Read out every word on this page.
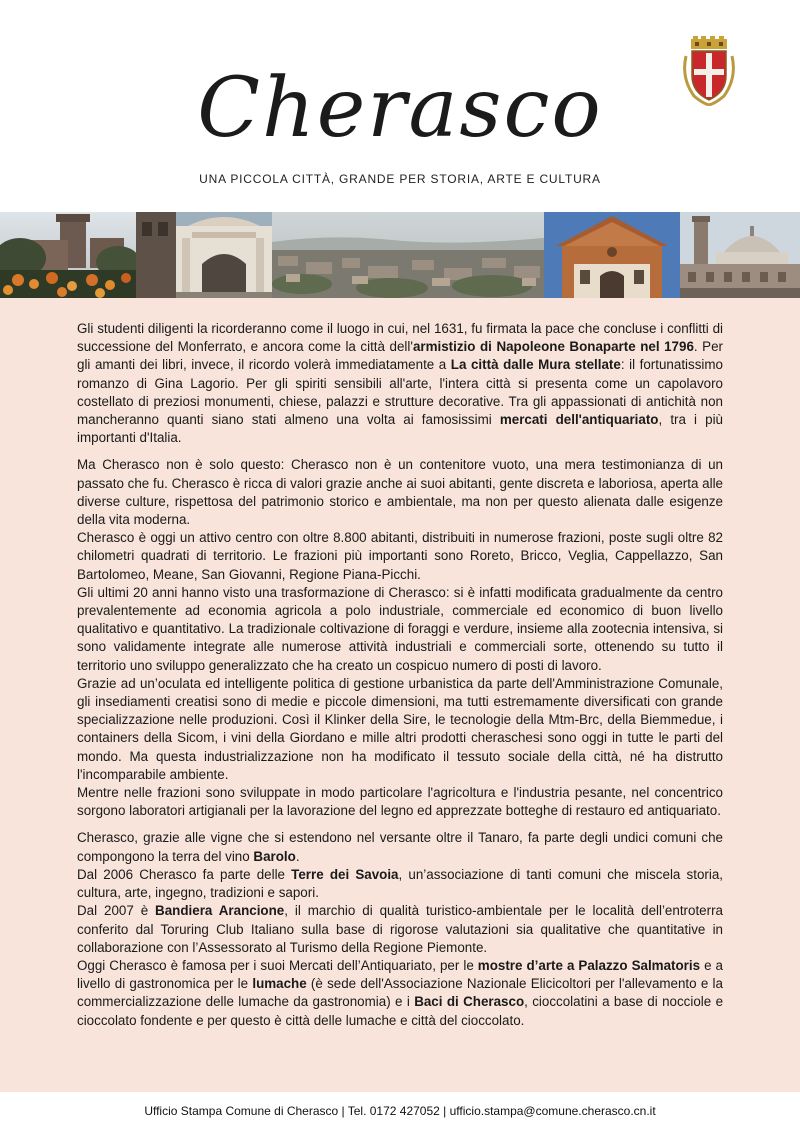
Cherasco
UNA PICCOLA CITTÀ, GRANDE PER STORIA, ARTE E CULTURA

Gli studenti diligenti la ricorderanno come il luogo in cui, nel 1631, fu firmata la pace che concluse i conflitti di successione del Monferrato, e ancora come la città dell'armistizio di Napoleone Bonaparte nel 1796. Per gli amanti dei libri, invece, il ricordo volerà immediatamente a La città dalle Mura stellate: il fortunatissimo romanzo di Gina Lagorio. Per gli spiriti sensibili all'arte, l'intera città si presenta come un capolavoro costellato di preziosi monumenti, chiese, palazzi e strutture decorative. Tra gli appassionati di antichità non mancheranno quanti siano stati almeno una volta ai famosissimi mercati dell'antiquariato, tra i più importanti d'Italia.

Ma Cherasco non è solo questo: Cherasco non è un contenitore vuoto, una mera testimonianza di un passato che fu. Cherasco è ricca di valori grazie anche ai suoi abitanti, gente discreta e laboriosa, aperta alle diverse culture, rispettosa del patrimonio storico e ambientale, ma non per questo alienata dalle esigenze della vita moderna.

Cherasco è oggi un attivo centro con oltre 8.800 abitanti, distribuiti in numerose frazioni, poste sugli oltre 82 chilometri quadrati di territorio. Le frazioni più importanti sono Roreto, Bricco, Veglia, Cappellazzo, San Bartolomeo, Meane, San Giovanni, Regione Piana-Picchi.

Gli ultimi 20 anni hanno visto una trasformazione di Cherasco: si è infatti modificata gradualmente da centro prevalentemente ad economia agricola a polo industriale, commerciale ed economico di buon livello qualitativo e quantitativo. La tradizionale coltivazione di foraggi e verdure, insieme alla zootecnia intensiva, si sono validamente integrate alle numerose attività industriali e commerciali sorte, ottenendo su tutto il territorio uno sviluppo generalizzato che ha creato un cospicuo numero di posti di lavoro.

Grazie ad un’oculata ed intelligente politica di gestione urbanistica da parte dell'Amministrazione Comunale, gli insediamenti creatisi sono di medie e piccole dimensioni, ma tutti estremamente diversificati con grande specializzazione nelle produzioni. Così il Klinker della Sire, le tecnologie della Mtm-Brc, della Biemmedue, i containers della Sicom, i vini della Giordano e mille altri prodotti cheraschesi sono oggi in tutte le parti del mondo. Ma questa industrializzazione non ha modificato il tessuto sociale della città, né ha distrutto l'incomparabile ambiente.

Mentre nelle frazioni sono sviluppate in modo particolare l'agricoltura e l'industria pesante, nel concentrico sorgono laboratori artigianali per la lavorazione del legno ed apprezzate botteghe di restauro ed antiquariato.

Cherasco, grazie alle vigne che si estendono nel versante oltre il Tanaro, fa parte degli undici comuni che compongono la terra del vino Barolo.

Dal 2006 Cherasco fa parte delle Terre dei Savoia, un’associazione di tanti comuni che miscela storia, cultura, arte, ingegno, tradizioni e sapori.

Dal 2007 è Bandiera Arancione, il marchio di qualità turistico-ambientale per le località dell’entroterra conferito dal Toruring Club Italiano sulla base di rigorose valutazioni sia qualitative che quantitative in collaborazione con l’Assessorato al Turismo della Regione Piemonte.

Oggi Cherasco è famosa per i suoi Mercati dell’Antiquariato, per le mostre d’arte a Palazzo Salmatoris e a livello di gastronomica per le lumache (è sede dell'Associazione Nazionale Elicicoltori per l'allevamento e la commercializzazione delle lumache da gastronomia) e i Baci di Cherasco, cioccolatini a base di nocciole e cioccolato fondente e per questo è città delle lumache e città del cioccolato.

Ufficio Stampa Comune di Cherasco | Tel. 0172 427052 | ufficio.stampa@comune.cherasco.cn.it
